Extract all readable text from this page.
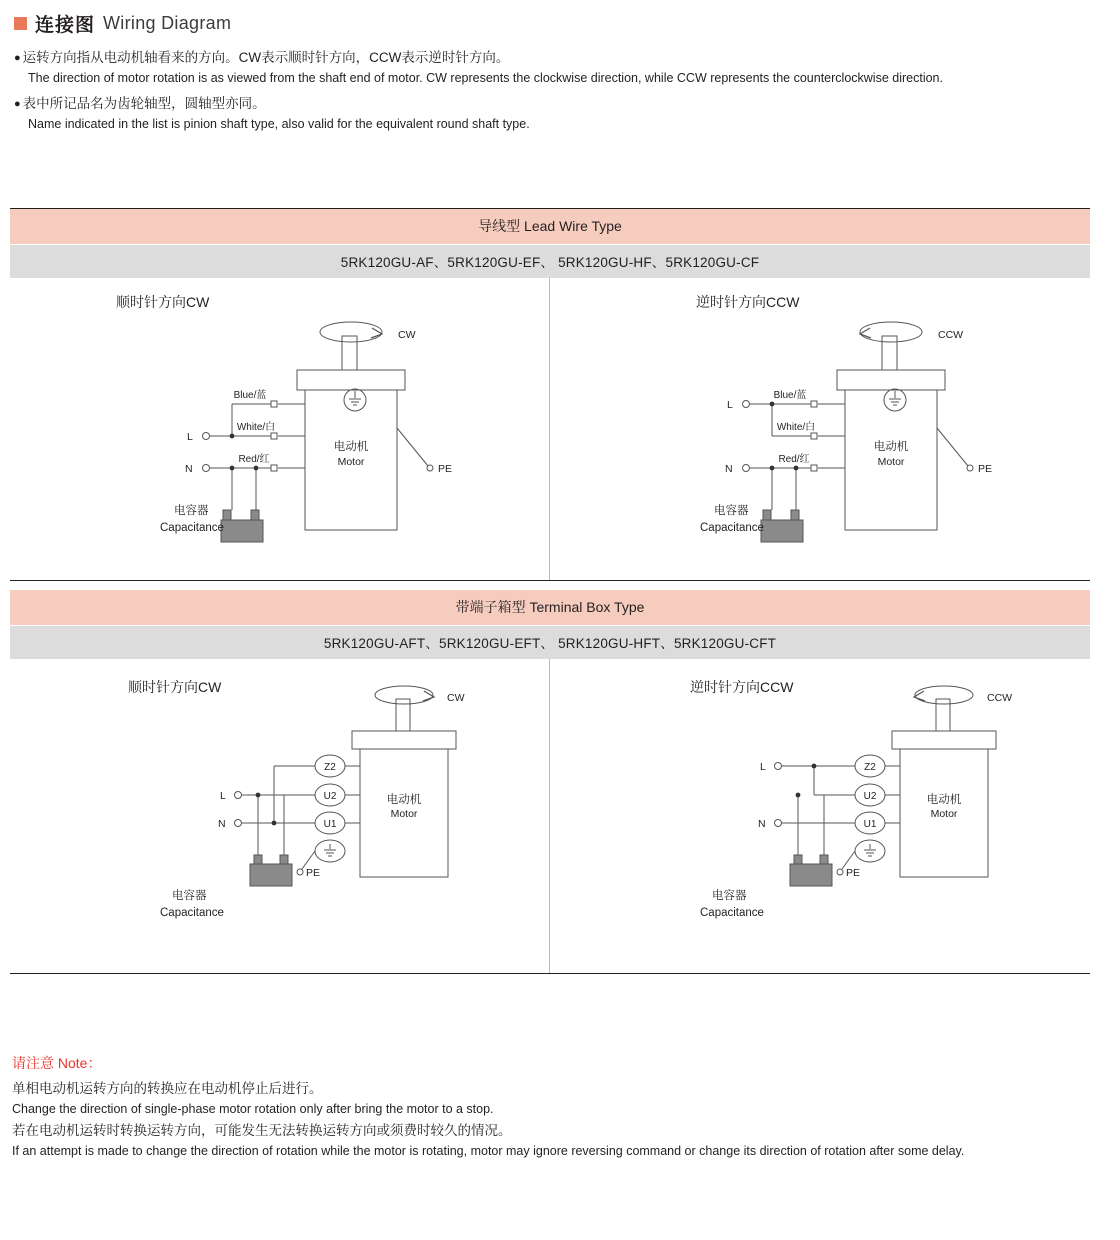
连接图 Wiring Diagram
● 运转方向指从电动机轴看来的方向。CW表示顺时针方向，CCW表示逆时针方向。
The direction of motor rotation is as viewed from the shaft end of motor. CW represents the clockwise direction, while CCW represents the counterclockwise direction.
● 表中所记品名为齿轮轴型，圆轴型亦同。
Name indicated in the list is pinion shaft type, also valid for the equivalent round shaft type.
导线型 Lead Wire Type
5RK120GU-AF、5RK120GU-EF、 5RK120GU-HF、5RK120GU-CF
顺时针方向CW
CW
电动机
Motor
PE
L
N
Blue/蓝
White/白
Red/红
电容器
Capacitance
逆时针方向CCW
CCW
电动机
Motor
PE
L
N
Blue/蓝
White/白
Red/红
电容器
Capacitance
带端子箱型 Terminal Box Type
5RK120GU-AFT、5RK120GU-EFT、 5RK120GU-HFT、5RK120GU-CFT
顺时针方向CW
CW
电动机
Motor
Z2
U2
U1
L
N
PE
电容器
Capacitance
逆时针方向CCW
CCW
电动机
Motor
Z2
U2
U1
L
N
PE
电容器
Capacitance
请注意 Note：
单相电动机运转方向的转换应在电动机停止后进行。
Change the direction of single-phase motor rotation only after bring the motor to a stop.
若在电动机运转时转换运转方向，可能发生无法转换运转方向或须费时较久的情况。
If an attempt is made to change the direction of rotation while the motor is rotating, motor may ignore reversing command or change its direction of rotation after some delay.
